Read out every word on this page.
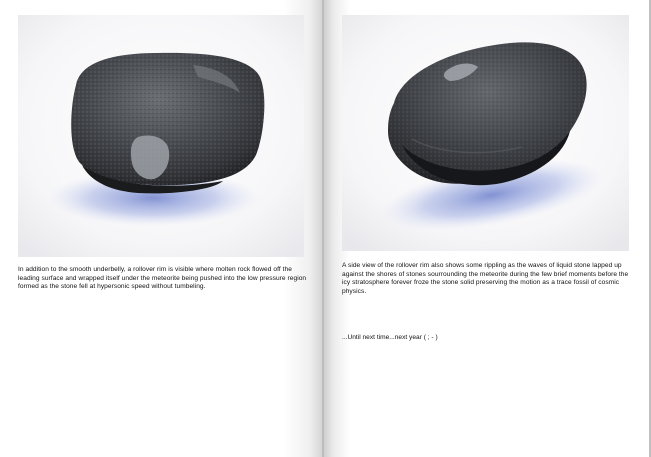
In addition to the smooth underbelly, a rollover rim is visible where molten rock flowed off the leading surface and wrapped itself under the meteorite being pushed into the low pressure region formed as the stone fell at hypersonic speed without tumbeling.
A side view of the rollover rim also shows some rippling as the waves of liquid stone lapped up against the shores of stones sourrounding the meteorite during the few brief moments before the icy stratosphere forever froze the stone solid preserving the motion as a trace fossil of cosmic physics.
...Until next time...next year ( ; - )
